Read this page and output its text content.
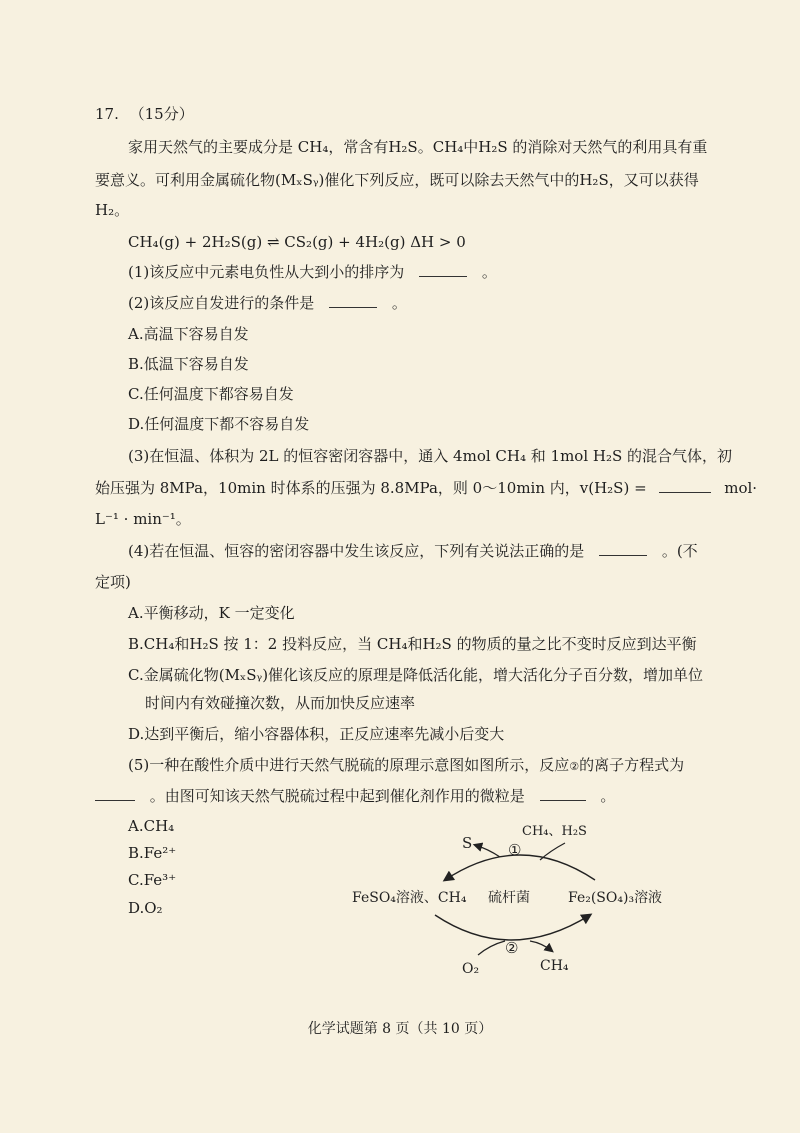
17. （15分）
家用天然气的主要成分是 CH₄，常含有H₂S。CH₄中H₂S 的消除对天然气的利用具有重
要意义。可利用金属硫化物(MₓSᵧ)催化下列反应，既可以除去天然气中的H₂S，又可以获得
H₂。
CH₄(g) + 2H₂S(g) ⇌ CS₂(g) + 4H₂(g) ΔH > 0
(1)该反应中元素电负性从大到小的排序为	。
(2)该反应自发进行的条件是	。
A.高温下容易自发
B.低温下容易自发
C.任何温度下都容易自发
D.任何温度下都不容易自发
(3)在恒温、体积为 2L 的恒容密闭容器中，通入 4mol CH₄ 和 1mol H₂S 的混合气体，初
始压强为 8MPa，10min 时体系的压强为 8.8MPa，则 0～10min 内，v(H₂S) =	mol·
L⁻¹ · min⁻¹。
(4)若在恒温、恒容的密闭容器中发生该反应，下列有关说法正确的是	。(不
定项)
A.平衡移动，K 一定变化
B.CH₄和H₂S 按 1：2 投料反应，当 CH₄和H₂S 的物质的量之比不变时反应到达平衡
C.金属硫化物(MₓSᵧ)催化该反应的原理是降低活化能，增大活化分子百分数，增加单位
时间内有效碰撞次数，从而加快反应速率
D.达到平衡后，缩小容器体积，正反应速率先减小后变大
(5)一种在酸性介质中进行天然气脱硫的原理示意图如图所示，反应②的离子方程式为
。由图可知该天然气脱硫过程中起到催化剂作用的微粒是	。
A.CH₄
B.Fe²⁺
C.Fe³⁺
D.O₂
S
CH₄、H₂S
①
FeSO₄溶液、CH₄ 硫杆菌	Fe₂(SO₄)₃溶液
②
O₂	CH₄
化学试题第 8 页（共 10 页）
